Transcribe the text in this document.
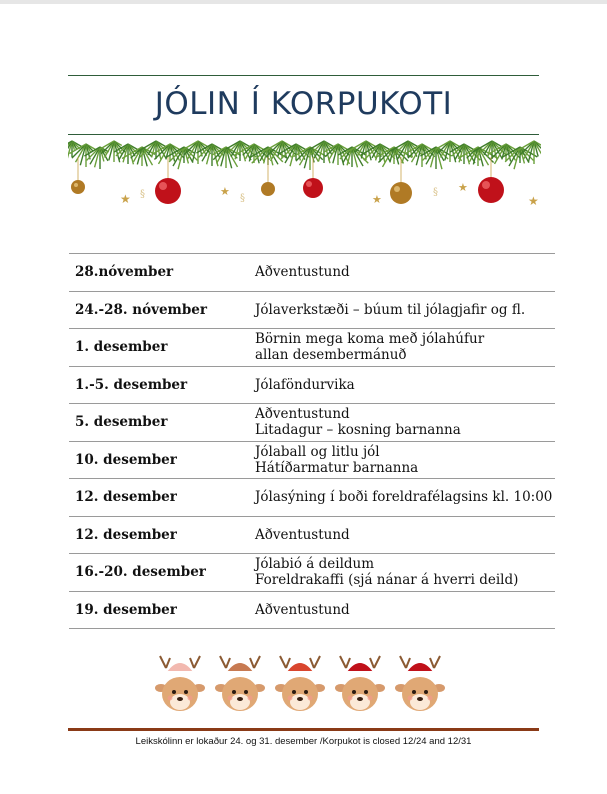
JÓLIN Í KORPUKOTI
★
★
★
★
★
§	§
§
28.nóvember	Aðventustund

24.-28. nóvember	Jólaverkstæði – búum til jólagjafir og fl.

1. desember	Börnin mega koma með jólahúfur
allan desembermánuð

1.-5. desember	Jólaföndurvika

5. desember	Aðventustund
Litadagur – kosning barnanna

10. desember	Jólaball og litlu jól
Hátíðarmatur barnanna

12. desember	Jólasýning í boði foreldrafélagsins kl. 10:00

12. desember	Aðventustund

16.-20. desember	Jólabió á deildum
Foreldrakaffi (sjá nánar á hverri deild)

19. desember	Aðventustund
Leikskólinn er lokaður 24. og 31. desember /Korpukot is closed 12/24 and 12/31
